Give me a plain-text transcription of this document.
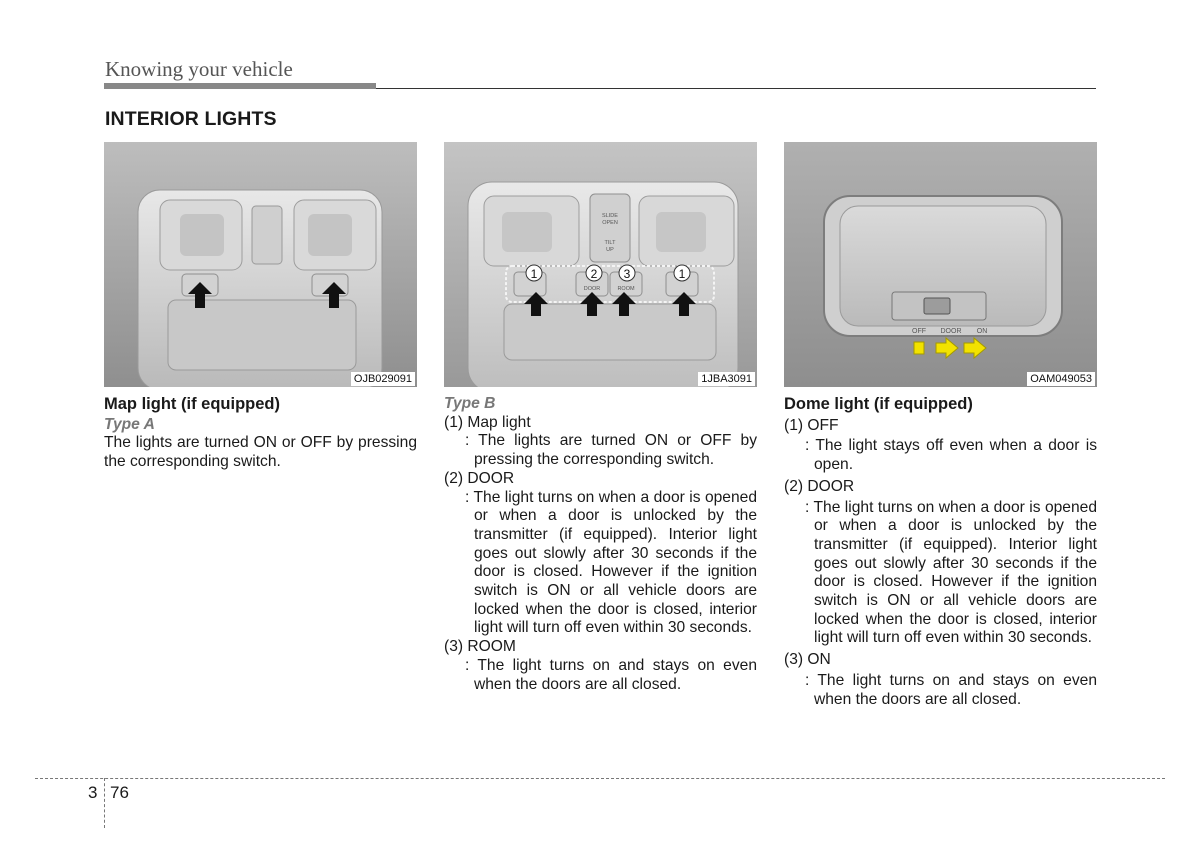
Knowing your vehicle
INTERIOR LIGHTS
OJB029091
SLIDE
OPEN
TILT
UP
DOOR	ROOM
1	2 3	1
1JBA3091
OFF DOOR ON
OAM049053
Map light (if equipped)
Type A
The lights are turned ON or OFF by pressing the corresponding switch.
Type B
(1) Map light
: The lights are turned ON or OFF by pressing the corresponding switch.
(2) DOOR
: The light turns on when a door is opened or when a door is unlocked by the transmitter (if equipped). Interior light goes out slowly after 30 seconds if the door is closed. However if the ignition switch is ON or all vehicle doors are locked when the door is closed, interior light will turn off even within 30 seconds.
(3) ROOM
: The light turns on and stays on even when the doors are all closed.
Dome light (if equipped)
(1) OFF
: The light stays off even when a door is open.
(2) DOOR
: The light turns on when a door is opened or when a door is unlocked by the transmitter (if equipped). Interior light goes out slowly after 30 seconds if the door is closed. However if the ignition switch is ON or all vehicle doors are locked when the door is closed, interior light will turn off even within 30 seconds.
(3) ON
: The light turns on and stays on even when the doors are all closed.
3 76
